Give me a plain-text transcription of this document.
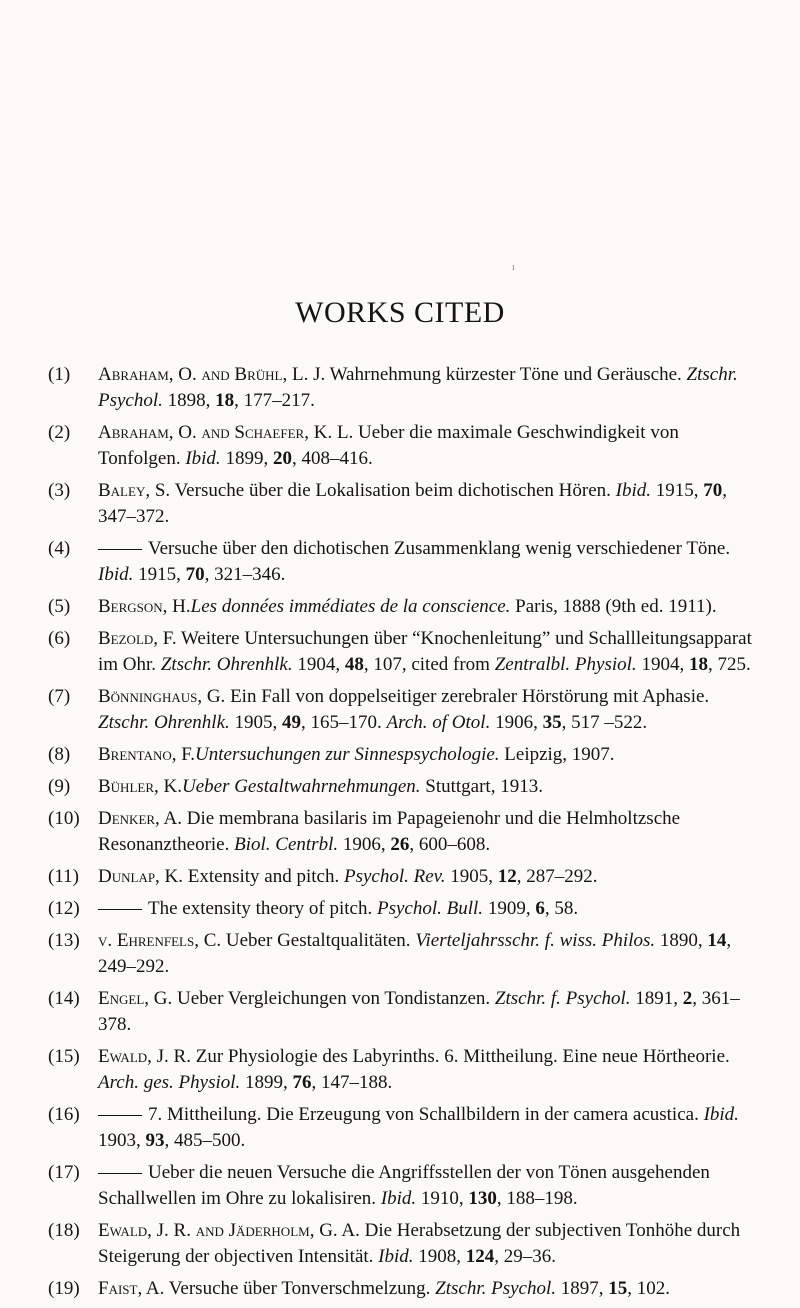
ı
WORKS CITED
(1)	Abraham, O. and Brühl, L. J. Wahrnehmung kürzester Töne und Geräusche. Ztschr. Psychol. 1898, 18, 177–217.
(2)	Abraham, O. and Schaefer, K. L. Ueber die maximale Geschwindigkeit von Tonfolgen. Ibid. 1899, 20, 408–416.
(3)	Baley, S. Versuche über die Lokalisation beim dichotischen Hören. Ibid. 1915, 70, 347–372.
(4)	Versuche über den dichotischen Zusammenklang wenig verschiedener Töne. Ibid. 1915, 70, 321–346.
(5)	Bergson, H.Les données immédiates de la conscience. Paris, 1888 (9th ed. 1911).
(6)	Bezold, F. Weitere Untersuchungen über “Knochenleitung” und Schallleitungsapparat im Ohr. Ztschr. Ohrenhlk. 1904, 48, 107, cited from Zentralbl. Physiol. 1904, 18, 725.
(7)	Bönninghaus, G. Ein Fall von doppelseitiger zerebraler Hörstörung mit Aphasie. Ztschr. Ohrenhlk. 1905, 49, 165–170. Arch. of Otol. 1906, 35, 517 –522.
(8)	Brentano, F.Untersuchungen zur Sinnespsychologie. Leipzig, 1907.
(9)	Bühler, K.Ueber Gestaltwahrnehmungen. Stuttgart, 1913.
(10) Denker, A. Die membrana basilaris im Papageienohr und die Helmholtzsche Resonanztheorie. Biol. Centrbl. 1906, 26, 600–608.
(11)	Dunlap, K. Extensity and pitch. Psychol. Rev. 1905, 12, 287–292.
(12)	The extensity theory of pitch. Psychol. Bull. 1909, 6, 58.
(13) v. Ehrenfels, C. Ueber Gestaltqualitäten. Vierteljahrsschr. f. wiss. Philos. 1890, 14, 249–292.
(14) Engel, G. Ueber Vergleichungen von Tondistanzen. Ztschr. f. Psychol. 1891, 2, 361–378.
(15) Ewald, J. R. Zur Physiologie des Labyrinths. 6. Mittheilung. Eine neue Hörtheorie. Arch. ges. Physiol. 1899, 76, 147–188.
(16)	7. Mittheilung. Die Erzeugung von Schallbildern in der camera acustica. Ibid. 1903, 93, 485–500.
(17)	Ueber die neuen Versuche die Angriffsstellen der von Tönen ausgehenden Schallwellen im Ohre zu lokalisiren. Ibid. 1910, 130, 188–198.
(18) Ewald, J. R. and Jäderholm, G. A. Die Herabsetzung der subjectiven Tonhöhe durch Steigerung der objectiven Intensität. Ibid. 1908, 124, 29–36.
(19) Faist, A. Versuche über Tonverschmelzung. Ztschr. Psychol. 1897, 15, 102.
